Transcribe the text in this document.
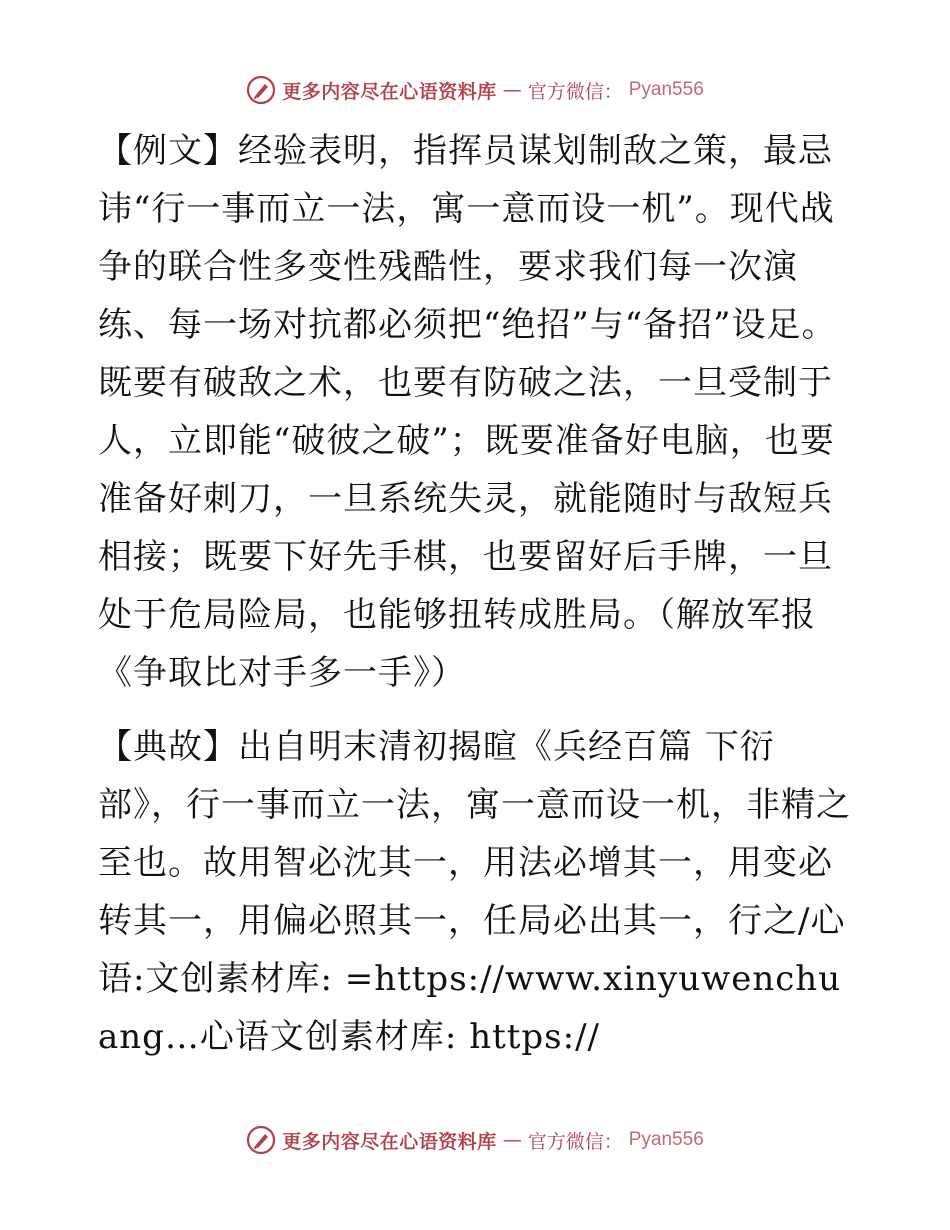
更多内容尽在心语资料库 — 官方微信： Pyan556

【例文】经验表明，指挥员谋划制敌之策，最忌讳“行一事而立一法，寓一意而设一机”。现代战争的联合性多变性残酷性，要求我们每一次演练、每一场对抗都必须把“绝招”与“备招”设足。既要有破敌之术，也要有防破之法，一旦受制于人，立即能“破彼之破”；既要准备好电脑，也要准备好刺刀，一旦系统失灵，就能随时与敌短兵相接；既要下好先手棋，也要留好后手牌，一旦处于危局险局，也能够扭转成胜局。（解放军报《争取比对手多一手》）

【典故】出自明末清初揭暄《兵经百篇 下衍部》，行一事而立一法，寓一意而设一机，非精之至也。故用智必沈其一，用法必增其一，用变必转其一，用偏必照其一，任局必出其一，行之/心语:文创素材库: =https://www.xinyuwenchuang…心语文创素材库: https://

更多内容尽在心语资料库 — 官方微信： Pyan556
